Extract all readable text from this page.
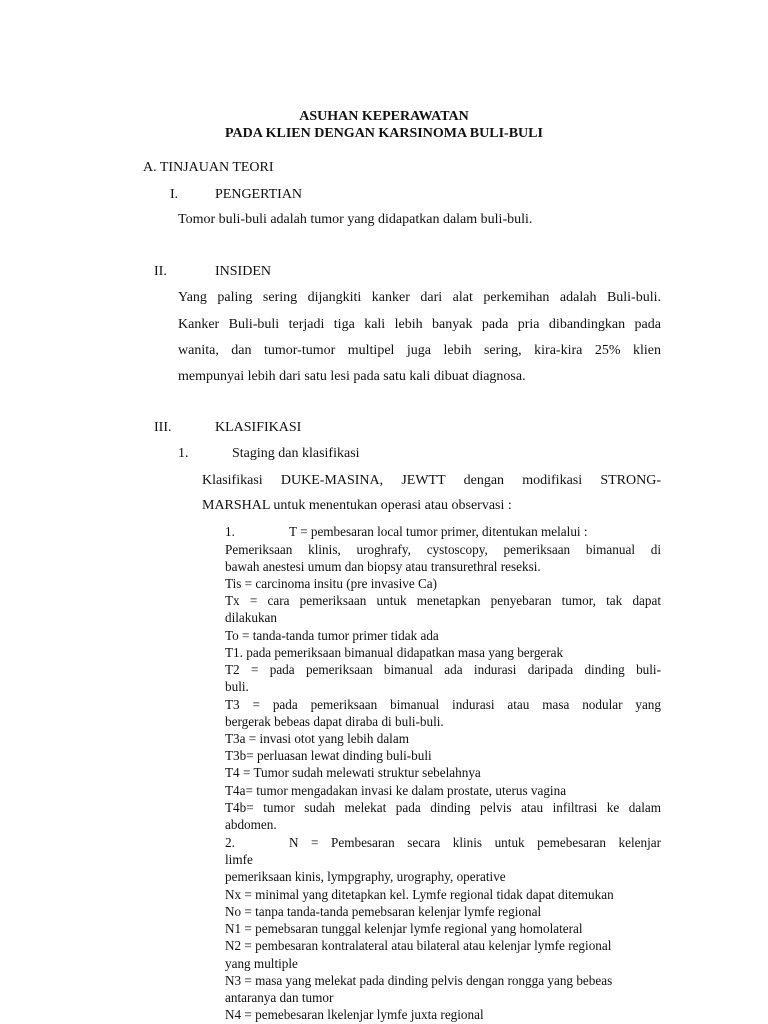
ASUHAN KEPERAWATAN
PADA KLIEN DENGAN KARSINOMA BULI-BULI
A. TINJAUAN TEORI
I.	PENGERTIAN
Tomor buli-buli adalah tumor yang didapatkan dalam buli-buli.
II.	INSIDEN
Yang paling sering dijangkiti kanker dari alat perkemihan adalah Buli-buli.
Kanker Buli-buli terjadi tiga kali lebih banyak pada pria dibandingkan pada
wanita, dan tumor-tumor multipel juga lebih sering, kira-kira 25% klien
mempunyai lebih dari satu lesi pada satu kali dibuat diagnosa.
III.	KLASIFIKASI
1.	Staging dan klasifikasi
Klasifikasi DUKE-MASINA, JEWTT dengan modifikasi STRONG-
MARSHAL untuk menentukan operasi atau observasi :
1.	T = pembesaran local tumor primer, ditentukan melalui :
Pemeriksaan klinis, uroghrafy, cystoscopy, pemeriksaan bimanual di
bawah anestesi umum dan biopsy atau transurethral reseksi.
Tis = carcinoma insitu (pre invasive Ca)
Tx = cara pemeriksaan untuk menetapkan penyebaran tumor, tak dapat
dilakukan
To = tanda-tanda tumor primer tidak ada
T1. pada pemeriksaan bimanual didapatkan masa yang bergerak
T2 = pada pemeriksaan bimanual ada indurasi daripada dinding buli-
buli.
T3 = pada pemeriksaan bimanual indurasi atau masa nodular yang
bergerak bebeas dapat diraba di buli-buli.
T3a = invasi otot yang lebih dalam
T3b= perluasan lewat dinding buli-buli
T4 = Tumor sudah melewati struktur sebelahnya
T4a= tumor mengadakan invasi ke dalam prostate, uterus vagina
T4b= tumor sudah melekat pada dinding pelvis atau infiltrasi ke dalam
abdomen.
2.	N = Pembesaran secara klinis untuk pemebesaran kelenjar
limfe
pemeriksaan kinis, lympgraphy, urography, operative
Nx = minimal yang ditetapkan kel. Lymfe regional tidak dapat ditemukan
No = tanpa tanda-tanda pemebsaran kelenjar lymfe regional
N1 = pemebsaran tunggal kelenjar lymfe regional yang homolateral
N2 = pembesaran kontralateral atau bilateral atau kelenjar lymfe regional
yang multiple
N3 = masa yang melekat pada dinding pelvis dengan rongga yang bebeas
antaranya dan tumor
N4 = pemebesaran lkelenjar lymfe juxta regional
